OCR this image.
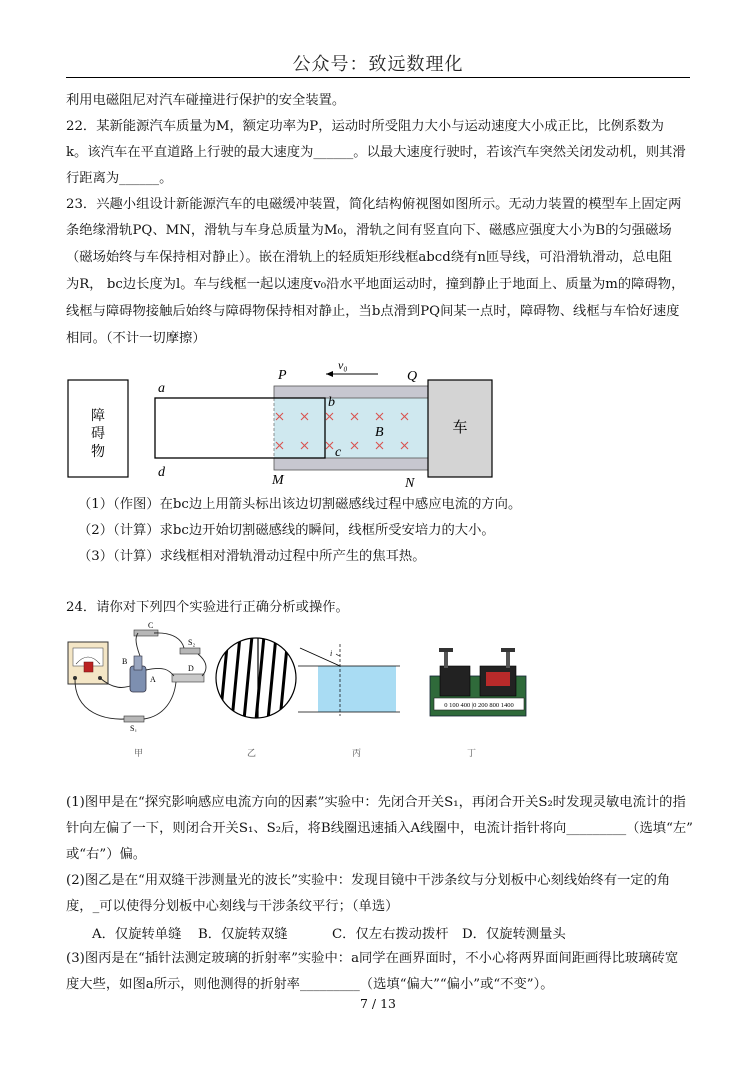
公众号：致远数理化
利用电磁阻尼对汽车碰撞进行保护的安全装置。
22．某新能源汽车质量为M，额定功率为P，运动时所受阻力大小与运动速度大小成正比，比例系数为
k。该汽车在平直道路上行驶的最大速度为______。以最大速度行驶时，若该汽车突然关闭发动机，则其滑
行距离为______。
23．兴趣小组设计新能源汽车的电磁缓冲装置，简化结构俯视图如图所示。无动力装置的模型车上固定两
条绝缘滑轨PQ、MN，滑轨与车身总质量为M₀，滑轨之间有竖直向下、磁感应强度大小为B的匀强磁场
（磁场始终与车保持相对静止）。嵌在滑轨上的轻质矩形线框abcd绕有n匝导线，可沿滑轨滑动，总电阻
为R， bc边长度为l。车与线框一起以速度v₀沿水平地面运动时，撞到静止于地面上、质量为m的障碍物，
线框与障碍物接触后始终与障碍物保持相对静止，当b点滑到PQ间某一点时，障碍物、线框与车恰好速度
相同。（不计一切摩擦）
障
碍
物
车
v₀
P	Q
M	N
a
b
c
d
B
（1）（作图）在bc边上用箭头标出该边切割磁感线过程中感应电流的方向。
（2）（计算）求bc边开始切割磁感线的瞬间，线框所受安培力的大小。
（3）（计算）求线框相对滑轨滑动过程中所产生的焦耳热。
24．请你对下列四个实验进行正确分析或操作。
C
S₂
B
A
D
S₁
i
0 100 400 |0 200 800 1400
甲	乙	丙	丁
(1)图甲是在“探究影响感应电流方向的因素”实验中：先闭合开关S₁，再闭合开关S₂时发现灵敏电流计的指
针向左偏了一下，则闭合开关S₁、S₂后，将B线圈迅速插入A线圈中，电流计指针将向_________（选填“左”
或“右”）偏。
(2)图乙是在“用双缝干涉测量光的波长”实验中：发现目镜中干涉条纹与分划板中心刻线始终有一定的角
度，_可以使得分划板中心刻线与干涉条纹平行；（单选）
A．仅旋转单缝 B．仅旋转双缝	C．仅左右拨动拨杆 D．仅旋转测量头
(3)图丙是在“插针法测定玻璃的折射率”实验中：a同学在画界面时，不小心将两界面间距画得比玻璃砖宽
度大些，如图a所示，则他测得的折射率_________（选填“偏大”“偏小”或“不变”）。
7 / 13
